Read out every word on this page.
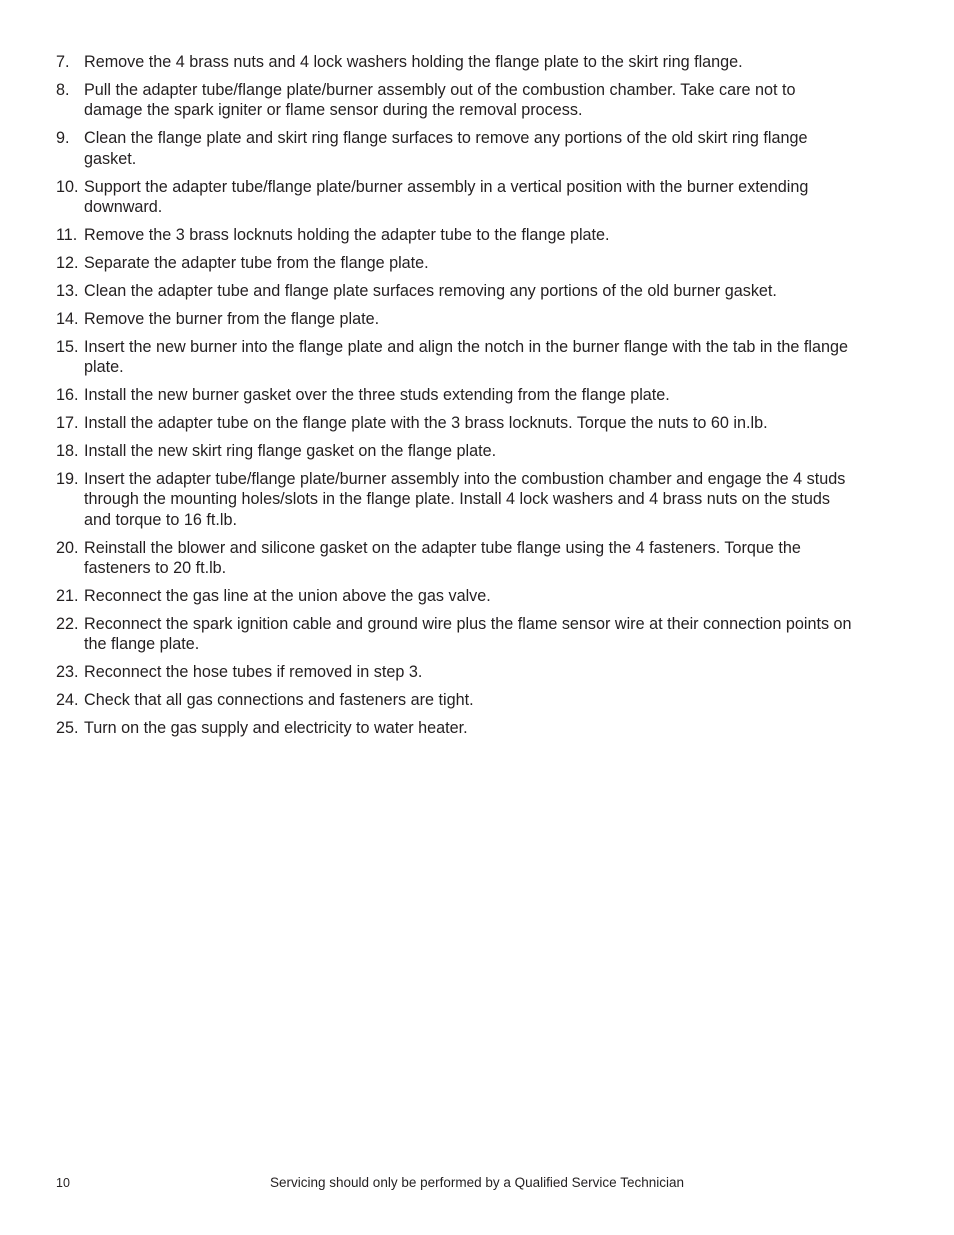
7. Remove the 4 brass nuts and 4 lock washers holding the flange plate to the skirt ring flange.
8. Pull the adapter tube/flange plate/burner assembly out of the combustion chamber. Take care not to damage the spark igniter or flame sensor during the removal process.
9. Clean the flange plate and skirt ring flange surfaces to remove any portions of the old skirt ring flange gasket.
10. Support the adapter tube/flange plate/burner assembly in a vertical position with the burner extending downward.
11. Remove the 3 brass locknuts holding the adapter tube to the flange plate.
12. Separate the adapter tube from the flange plate.
13. Clean the adapter tube and flange plate surfaces removing any portions of the old burner gasket.
14. Remove the burner from the flange plate.
15. Insert the new burner into the flange plate and align the notch in the burner flange with the tab in the flange plate.
16. Install the new burner gasket over the three studs extending from the flange plate.
17. Install the adapter tube on the flange plate with the 3 brass locknuts. Torque the nuts to 60 in.lb.
18. Install the new skirt ring flange gasket on the flange plate.
19. Insert the adapter tube/flange plate/burner assembly into the combustion chamber and engage the 4 studs through the mounting holes/slots in the flange plate. Install 4 lock washers and 4 brass nuts on the studs and torque to 16 ft.lb.
20. Reinstall the blower and silicone gasket on the adapter tube flange using the 4 fasteners. Torque the fasteners to 20 ft.lb.
21. Reconnect the gas line at the union above the gas valve.
22. Reconnect the spark ignition cable and ground wire plus the flame sensor wire at their connection points on the flange plate.
23. Reconnect the hose tubes if removed in step 3.
24. Check that all gas connections and fasteners are tight.
25. Turn on the gas supply and electricity to water heater.
10	Servicing should only be performed by a Qualified Service Technician
